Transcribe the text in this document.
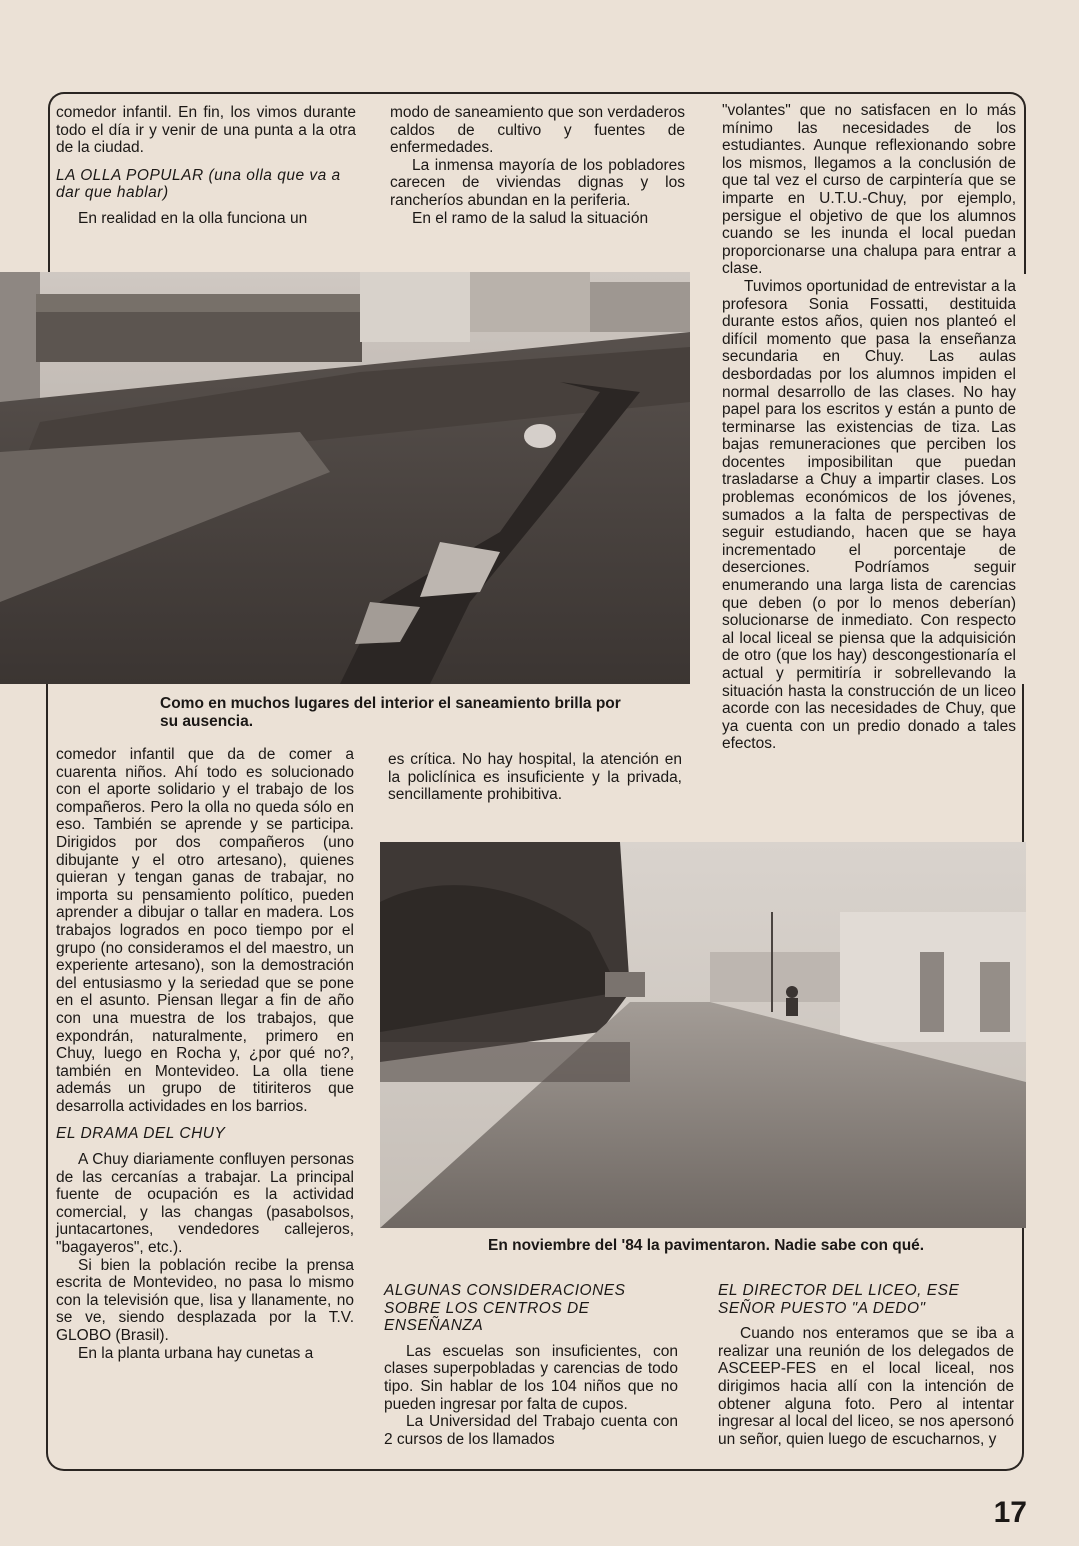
comedor infantil. En fin, los vimos durante todo el día ir y venir de una punta a la otra de la ciudad.

LA OLLA POPULAR (una olla que va a dar que hablar)

En realidad en la olla funciona un

modo de saneamiento que son verdaderos caldos de cultivo y fuentes de enfermedades.

La inmensa mayoría de los pobladores carecen de viviendas dignas y los rancheríos abundan en la periferia.

En el ramo de la salud la situación

"volantes" que no satisfacen en lo más mínimo las necesidades de los estudiantes. Aunque reflexionando sobre los mismos, llegamos a la conclusión de que tal vez el curso de carpintería que se imparte en U.T.U.-Chuy, por ejemplo, persigue el objetivo de que los alumnos cuando se les inunda el local puedan proporcionarse una chalupa para entrar a clase.

Tuvimos oportunidad de entrevistar a la profesora Sonia Fossatti, destituida durante estos años, quien nos planteó el difícil momento que pasa la enseñanza secundaria en Chuy. Las aulas desbordadas por los alumnos impiden el normal desarrollo de las clases. No hay papel para los escritos y están a punto de terminarse las existencias de tiza. Las bajas remuneraciones que perciben los docentes imposibilitan que puedan trasladarse a Chuy a impartir clases. Los problemas económicos de los jóvenes, sumados a la falta de perspectivas de seguir estudiando, hacen que se haya incrementado el porcentaje de deserciones. Podríamos seguir enumerando una larga lista de carencias que deben (o por lo menos deberían) solucionarse de inmediato. Con respecto al local liceal se piensa que la adquisición de otro (que los hay) descongestionaría el actual y permitiría ir sobrellevando la situación hasta la construcción de un liceo acorde con las necesidades de Chuy, que ya cuenta con un predio donado a tales efectos.

Como en muchos lugares del interior el saneamiento brilla por su ausencia.

comedor infantil que da de comer a cuarenta niños. Ahí todo es solucionado con el aporte solidario y el trabajo de los compañeros. Pero la olla no queda sólo en eso. También se aprende y se participa. Dirigidos por dos compañeros (uno dibujante y el otro artesano), quienes quieran y tengan ganas de trabajar, no importa su pensamiento político, pueden aprender a dibujar o tallar en madera. Los trabajos logrados en poco tiempo por el grupo (no consideramos el del maestro, un experiente artesano), son la demostración del entusiasmo y la seriedad que se pone en el asunto. Piensan llegar a fin de año con una muestra de los trabajos, que expondrán, naturalmente, primero en Chuy, luego en Rocha y, ¿por qué no?, también en Montevideo. La olla tiene además un grupo de titiriteros que desarrolla actividades en los barrios.

EL DRAMA DEL CHUY

A Chuy diariamente confluyen personas de las cercanías a trabajar. La principal fuente de ocupación es la actividad comercial, y las changas (pasabolsos, juntacartones, vendedores callejeros, "bagayeros", etc.).

Si bien la población recibe la prensa escrita de Montevideo, no pasa lo mismo con la televisión que, lisa y llanamente, no se ve, siendo desplazada por la T.V. GLOBO (Brasil).

En la planta urbana hay cunetas a

es crítica. No hay hospital, la atención en la policlínica es insuficiente y la privada, sencillamente prohibitiva.

En noviembre del '84 la pavimentaron. Nadie sabe con qué.
ALGUNAS CONSIDERACIONES SOBRE LOS CENTROS DE ENSEÑANZA

Las escuelas son insuficientes, con clases superpobladas y carencias de todo tipo. Sin hablar de los 104 niños que no pueden ingresar por falta de cupos.

La Universidad del Trabajo cuenta con 2 cursos de los llamados

EL DIRECTOR DEL LICEO, ESE SEÑOR PUESTO "A DEDO"

Cuando nos enteramos que se iba a realizar una reunión de los delegados de ASCEEP-FES en el local liceal, nos dirigimos hacia allí con la intención de obtener alguna foto. Pero al intentar ingresar al local del liceo, se nos apersonó un señor, quien luego de escucharnos, y

17
